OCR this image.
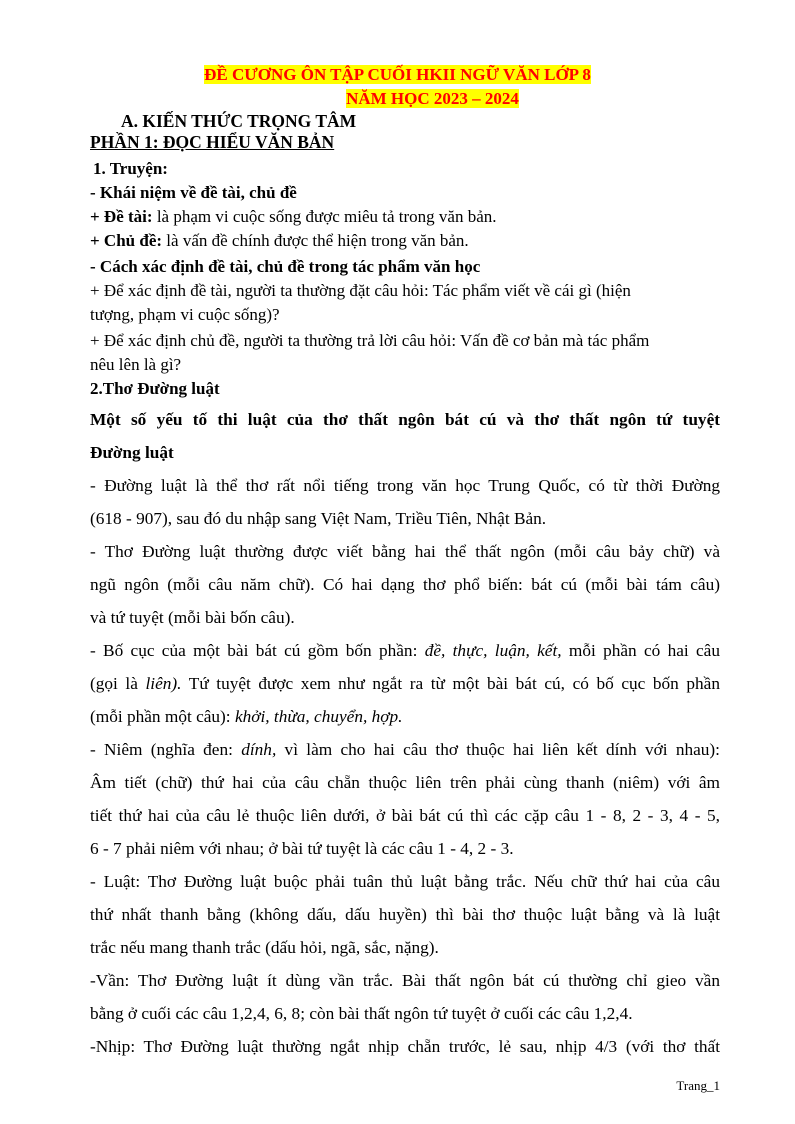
ĐỀ CƯƠNG ÔN TẬP CUỐI HKII NGỮ VĂN LỚP 8
NĂM HỌC 2023 – 2024
A. KIẾN THỨC TRỌNG TÂM
PHẦN 1: ĐỌC HIỂU VĂN BẢN
1. Truyện:
- Khái niệm về đề tài, chủ đề
+ Đề tài: là phạm vi cuộc sống được miêu tả trong văn bản.
+ Chủ đề: là vấn đề chính được thể hiện trong văn bản.
- Cách xác định đề tài, chủ đề trong tác phẩm văn học
+ Để xác định đề tài, người ta thường đặt câu hỏi: Tác phẩm viết về cái gì (hiện
tượng, phạm vi cuộc sống)?
+ Để xác định chủ đề, người ta thường trả lời câu hỏi: Vấn đề cơ bản mà tác phẩm
nêu lên là gì?
2.Thơ Đường luật
Một số yếu tố thi luật của thơ thất ngôn bát cú và thơ thất ngôn tứ tuyệt
Đường luật
- Đường luật là thể thơ rất nổi tiếng trong văn học Trung Quốc, có từ thời Đường
(618 - 907), sau đó du nhập sang Việt Nam, Triều Tiên, Nhật Bản.
- Thơ Đường luật thường được viết bằng hai thể thất ngôn (mỗi câu bảy chữ) và
ngũ ngôn (mỗi câu năm chữ). Có hai dạng thơ phổ biến: bát cú (mỗi bài tám câu)
và tứ tuyệt (mỗi bài bốn câu).
- Bố cục của một bài bát cú gồm bốn phần: đề, thực, luận, kết, mỗi phần có hai câu
(gọi là liên). Tứ tuyệt được xem như ngắt ra từ một bài bát cú, có bố cục bốn phần
(mỗi phần một câu): khởi, thừa, chuyển, hợp.
- Niêm (nghĩa đen: dính, vì làm cho hai câu thơ thuộc hai liên kết dính với nhau):
Âm tiết (chữ) thứ hai của câu chẵn thuộc liên trên phải cùng thanh (niêm) với âm
tiết thứ hai của câu lẻ thuộc liên dưới, ở bài bát cú thì các cặp câu 1 - 8, 2 - 3, 4 - 5,
6 - 7 phải niêm với nhau; ở bài tứ tuyệt là các câu 1 - 4, 2 - 3.
- Luật: Thơ Đường luật buộc phải tuân thủ luật bằng trắc. Nếu chữ thứ hai của câu
thứ nhất thanh bằng (không dấu, dấu huyền) thì bài thơ thuộc luật bằng và là luật
trắc nếu mang thanh trắc (dấu hỏi, ngã, sắc, nặng).
-Vần: Thơ Đường luật ít dùng vần trắc. Bài thất ngôn bát cú thường chỉ gieo vần
bằng ở cuối các câu 1,2,4, 6, 8; còn bài thất ngôn tứ tuyệt ở cuối các câu 1,2,4.
-Nhịp: Thơ Đường luật thường ngắt nhịp chẵn trước, lẻ sau, nhịp 4/3 (với thơ thất
Trang_1
